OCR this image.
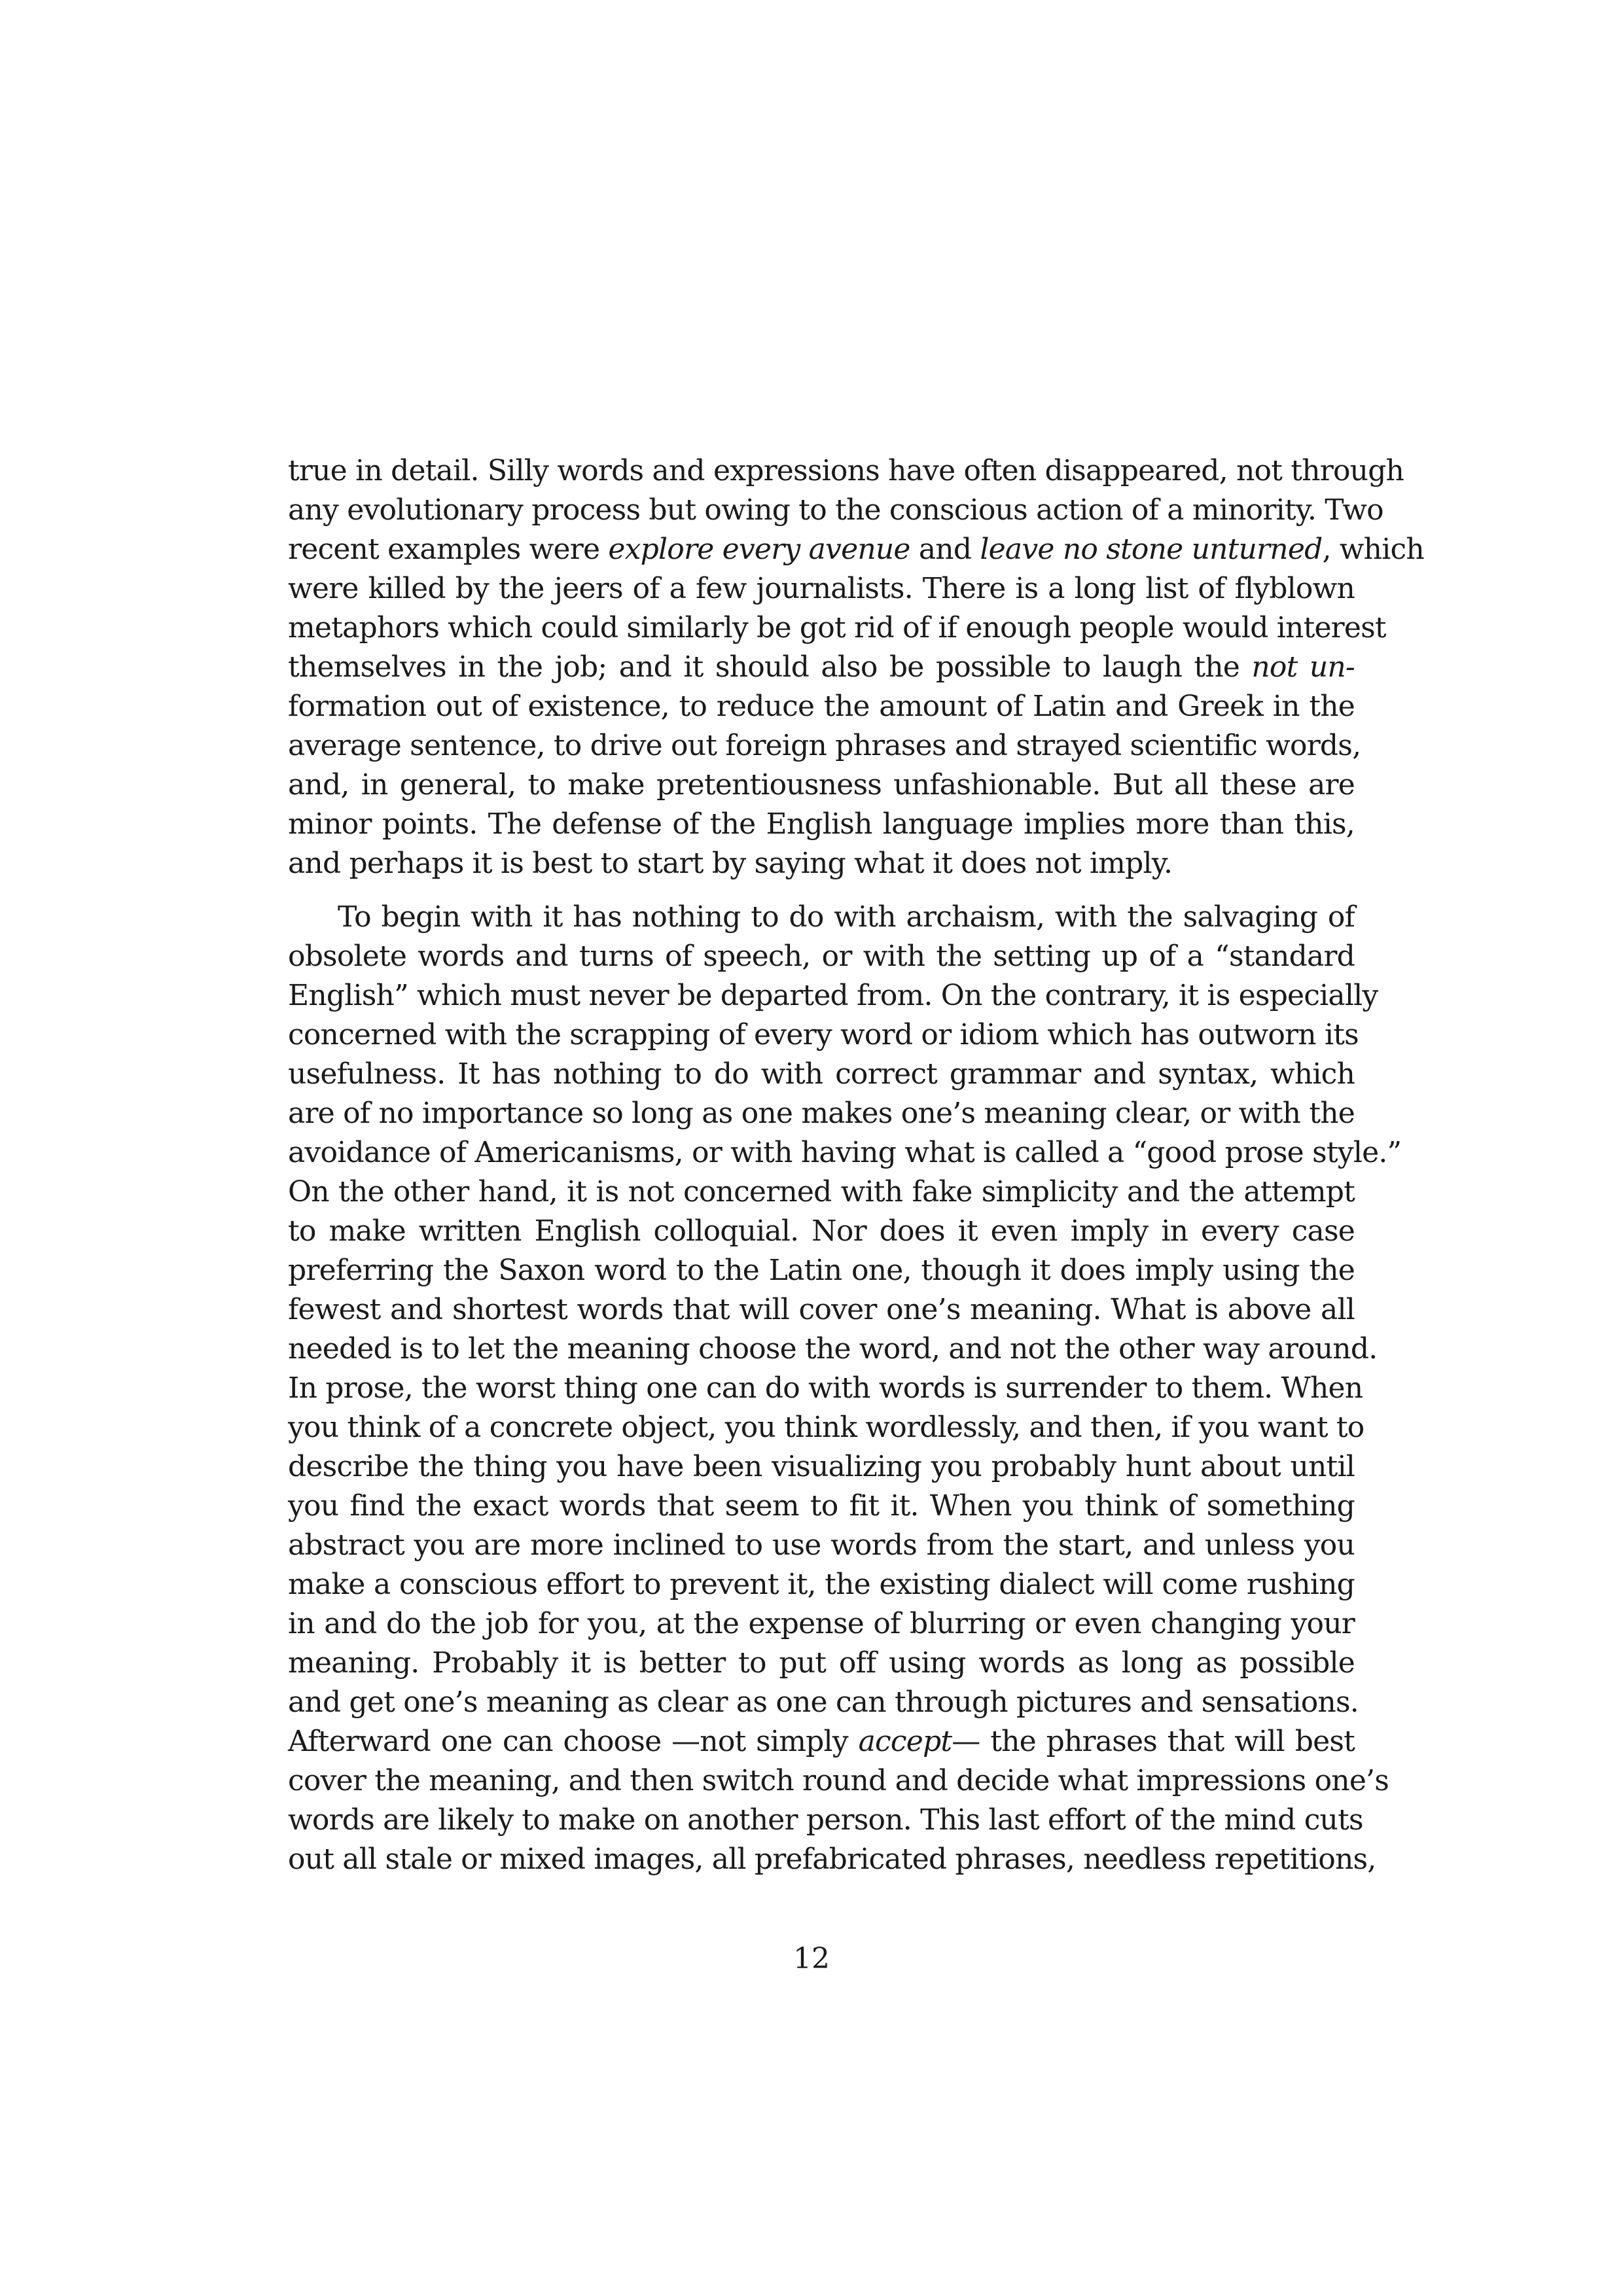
true in detail. Silly words and expressions have often disappeared, not through
any evolutionary process but owing to the conscious action of a minority. Two
recent examples were explore every avenue and leave no stone unturned, which
were killed by the jeers of a few journalists. There is a long list of flyblown
metaphors which could similarly be got rid of if enough people would interest
themselves in the job; and it should also be possible to laugh the not un-
formation out of existence, to reduce the amount of Latin and Greek in the
average sentence, to drive out foreign phrases and strayed scientific words,
and, in general, to make pretentiousness unfashionable. But all these are
minor points. The defense of the English language implies more than this,
and perhaps it is best to start by saying what it does not imply.
To begin with it has nothing to do with archaism, with the salvaging of
obsolete words and turns of speech, or with the setting up of a “standard
English” which must never be departed from. On the contrary, it is especially
concerned with the scrapping of every word or idiom which has outworn its
usefulness. It has nothing to do with correct grammar and syntax, which
are of no importance so long as one makes one’s meaning clear, or with the
avoidance of Americanisms, or with having what is called a “good prose style.”
On the other hand, it is not concerned with fake simplicity and the attempt
to make written English colloquial. Nor does it even imply in every case
preferring the Saxon word to the Latin one, though it does imply using the
fewest and shortest words that will cover one’s meaning. What is above all
needed is to let the meaning choose the word, and not the other way around.
In prose, the worst thing one can do with words is surrender to them. When
you think of a concrete object, you think wordlessly, and then, if you want to
describe the thing you have been visualizing you probably hunt about until
you find the exact words that seem to fit it. When you think of something
abstract you are more inclined to use words from the start, and unless you
make a conscious effort to prevent it, the existing dialect will come rushing
in and do the job for you, at the expense of blurring or even changing your
meaning. Probably it is better to put off using words as long as possible
and get one’s meaning as clear as one can through pictures and sensations.
Afterward one can choose —not simply accept— the phrases that will best
cover the meaning, and then switch round and decide what impressions one’s
words are likely to make on another person. This last effort of the mind cuts
out all stale or mixed images, all prefabricated phrases, needless repetitions,
12
